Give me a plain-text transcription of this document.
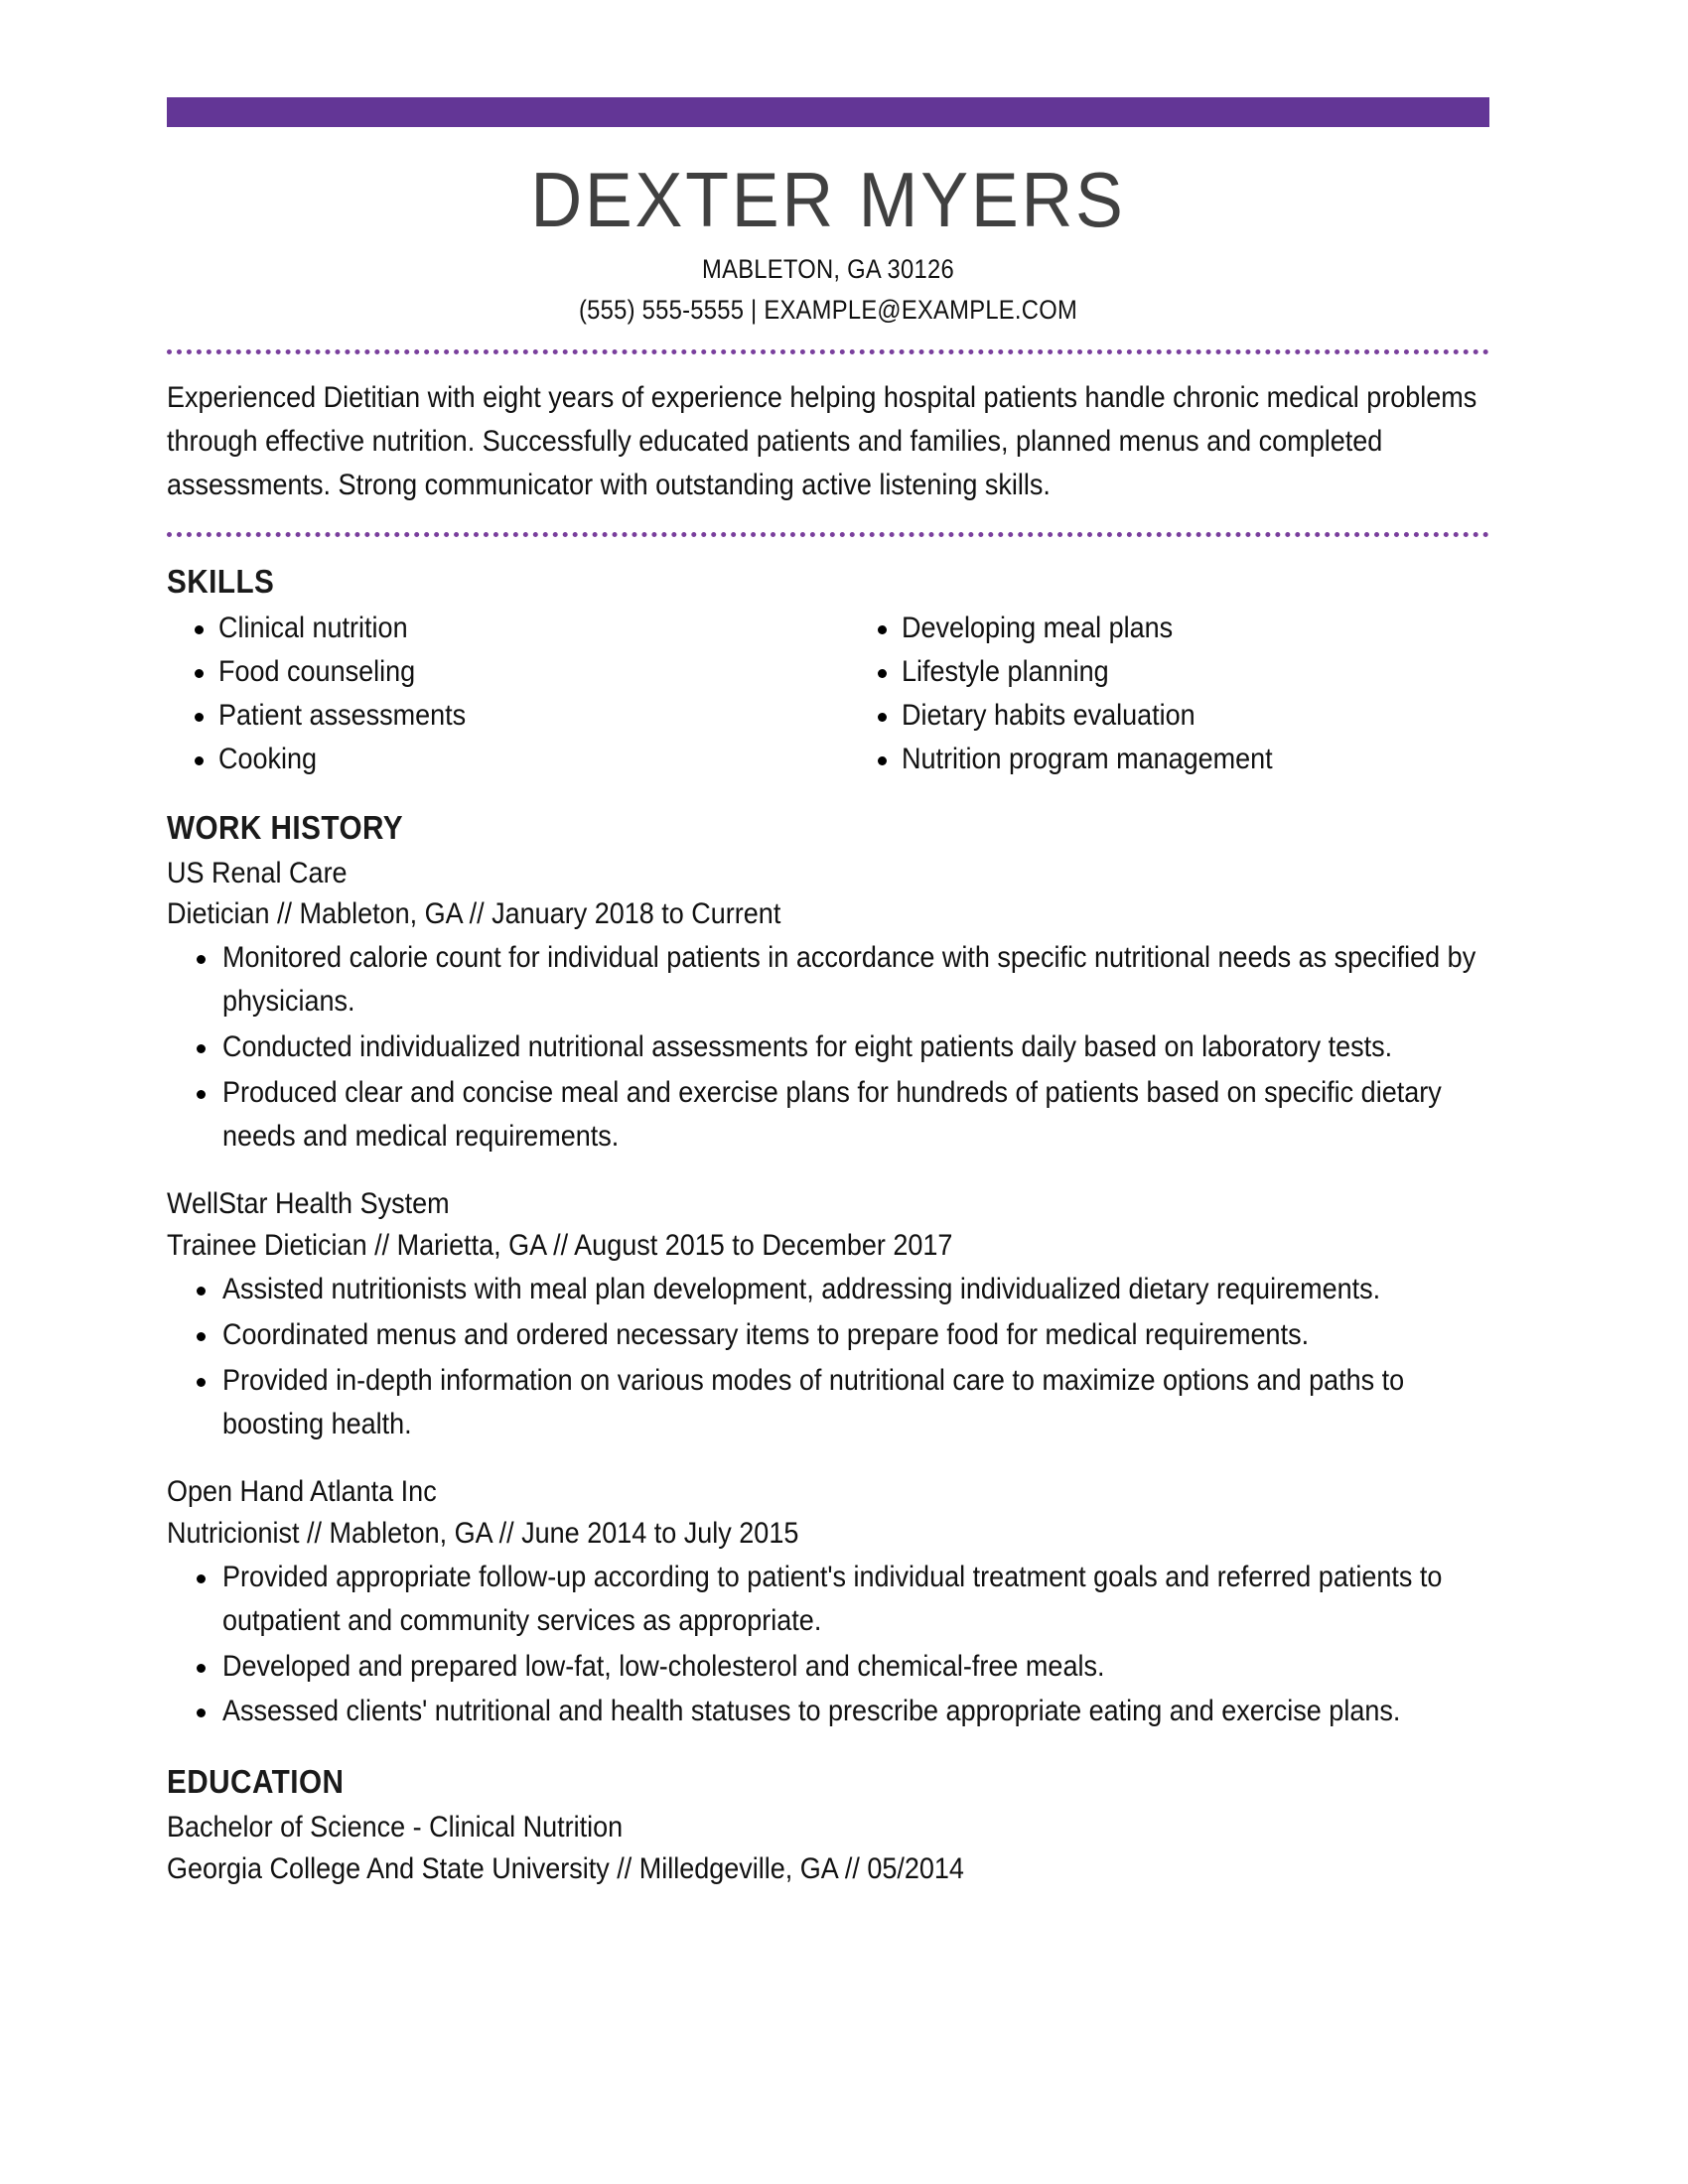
DEXTER MYERS
MABLETON, GA 30126
(555) 555-5555 | EXAMPLE@EXAMPLE.COM
Experienced Dietitian with eight years of experience helping hospital patients handle chronic medical problems through effective nutrition. Successfully educated patients and families, planned menus and completed assessments. Strong communicator with outstanding active listening skills.
SKILLS
Clinical nutrition
Food counseling
Patient assessments
Cooking
Developing meal plans
Lifestyle planning
Dietary habits evaluation
Nutrition program management
WORK HISTORY
US Renal Care
Dietician // Mableton, GA // January 2018 to Current
Monitored calorie count for individual patients in accordance with specific nutritional needs as specified by physicians.
Conducted individualized nutritional assessments for eight patients daily based on laboratory tests.
Produced clear and concise meal and exercise plans for hundreds of patients based on specific dietary needs and medical requirements.
WellStar Health System
Trainee Dietician // Marietta, GA // August 2015 to December 2017
Assisted nutritionists with meal plan development, addressing individualized dietary requirements.
Coordinated menus and ordered necessary items to prepare food for medical requirements.
Provided in-depth information on various modes of nutritional care to maximize options and paths to boosting health.
Open Hand Atlanta Inc
Nutricionist // Mableton, GA // June 2014 to July 2015
Provided appropriate follow-up according to patient's individual treatment goals and referred patients to outpatient and community services as appropriate.
Developed and prepared low-fat, low-cholesterol and chemical-free meals.
Assessed clients' nutritional and health statuses to prescribe appropriate eating and exercise plans.
EDUCATION
Bachelor of Science - Clinical Nutrition
Georgia College And State University // Milledgeville, GA // 05/2014
